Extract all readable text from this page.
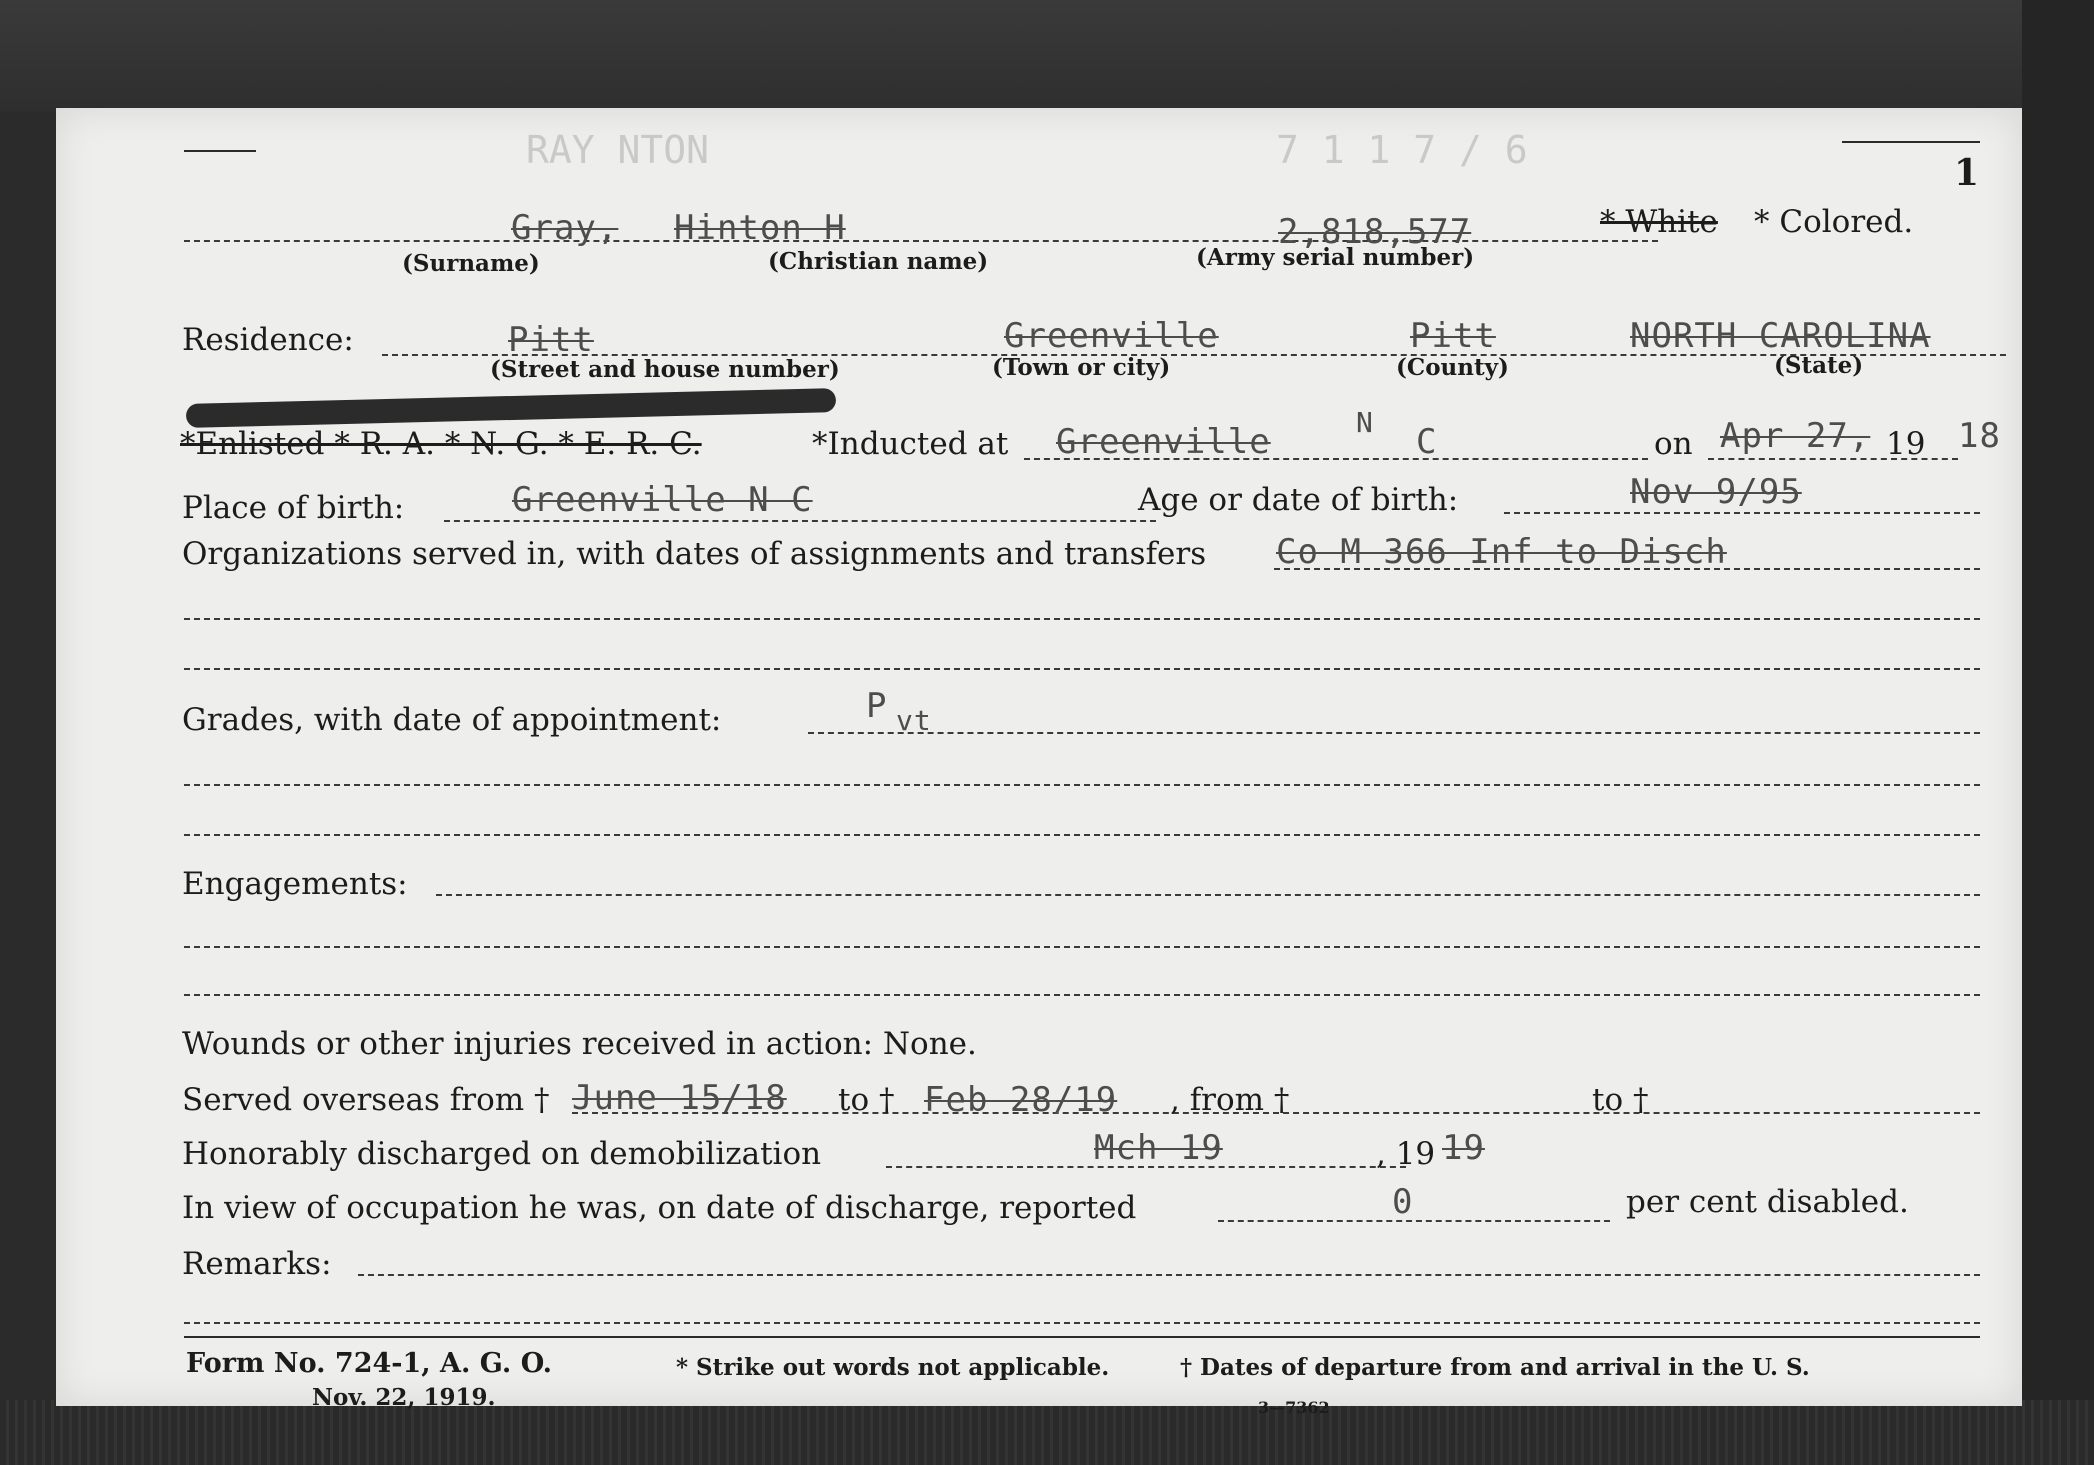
RAY NTON	7 1 1 7 / 6
1
Gray, Hinton H	2,818,577
(Surname)	(Christian name)	(Army serial number)
* White * Colored.
Residence:	Pitt	Greenville	Pitt	NORTH CAROLINA
(Street and house number)	(Town or city)	(County)	(State)
*Enlisted * R. A. * N. G. * E. R. C.	*Inducted at Greenville	N C	on Apr 27, 19 18
Place of birth:	Greenville N C	Age or date of birth:	Nov 9/95
Organizations served in, with dates of assignments and transfers Co M 366 Inf to Disch
Grades, with date of appointment:	P vt
Engagements:
Wounds or other injuries received in action: None.
Served overseas from † June 15/18 to † Feb 28/19 , from †	to †
Honorably discharged on demobilization	Mch 19	, 19 19
In view of occupation he was, on date of discharge, reported	0	per cent disabled.
Remarks:
Form No. 724-1, A. G. O.
Nov. 22, 1919.
* Strike out words not applicable.	† Dates of departure from and arrival in the U. S.
3—7362
